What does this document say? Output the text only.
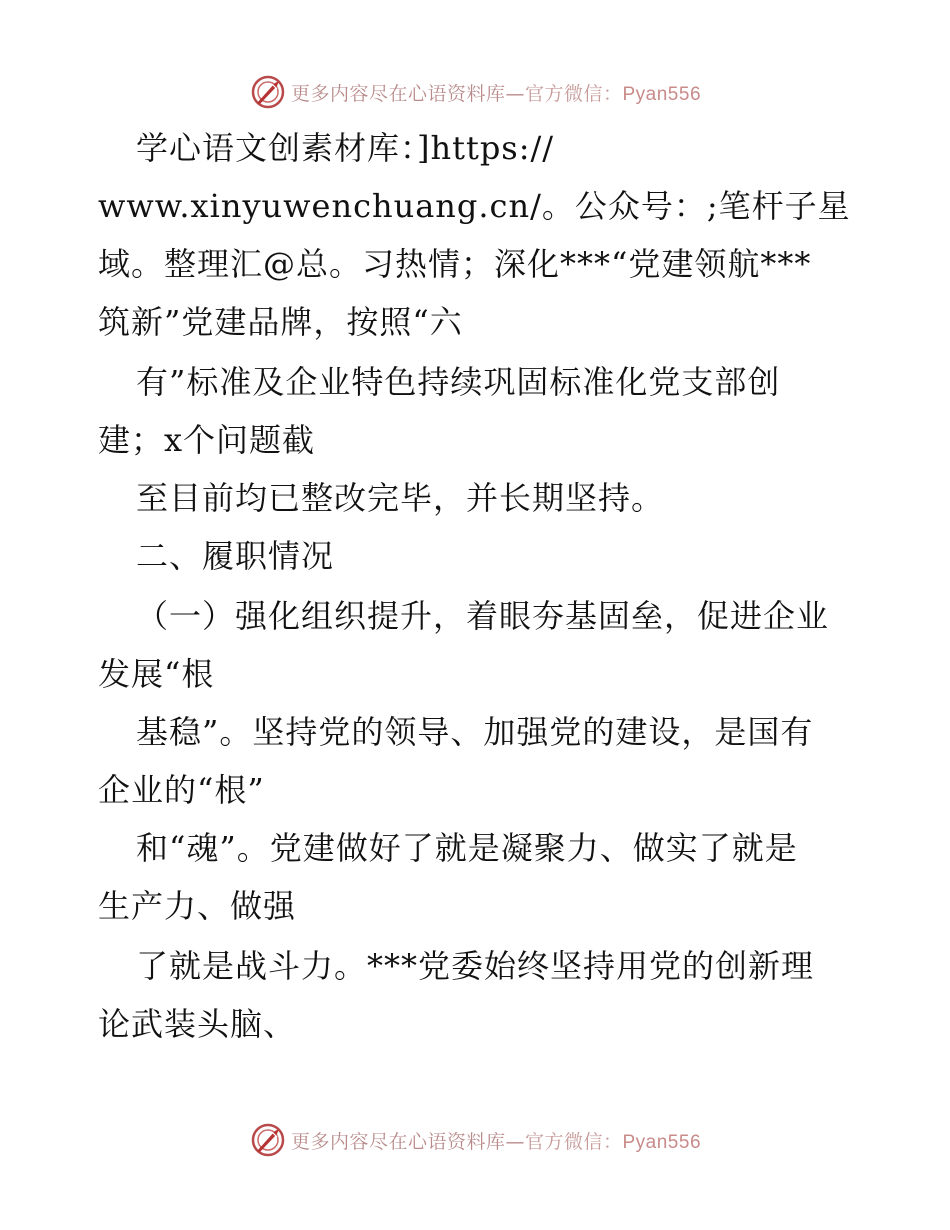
更多内容尽在心语资料库—官方微信：Pyan556
学心语文创素材库：]https://
www.xinyuwenchuang.cn/。公众号：;笔杆子星
域。整理汇@总。习热情；深化***“党建领航***
筑新”党建品牌，按照“六
有”标准及企业特色持续巩固标准化党支部创
建；x个问题截
至目前均已整改完毕，并长期坚持。
二、履职情况
（一）强化组织提升，着眼夯基固垒，促进企业
发展“根
基稳”。坚持党的领导、加强党的建设，是国有
企业的“根”
和“魂”。党建做好了就是凝聚力、做实了就是
生产力、做强
了就是战斗力。***党委始终坚持用党的创新理
论武装头脑、
更多内容尽在心语资料库—官方微信：Pyan556
